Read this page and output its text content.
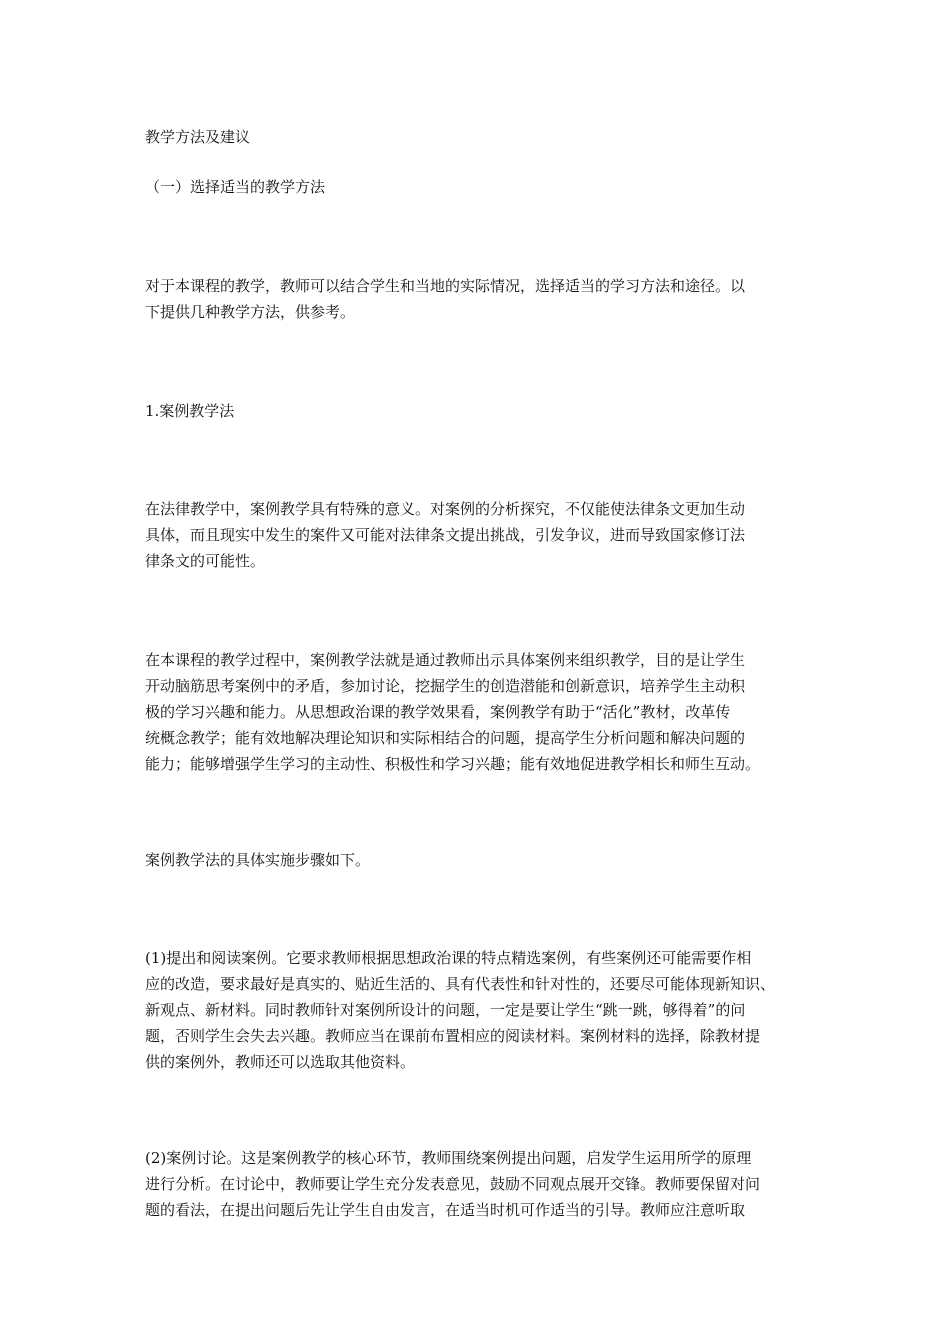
教学方法及建议

（一）选择适当的教学方法

对于本课程的教学，教师可以结合学生和当地的实际情况，选择适当的学习方法和途径。以
下提供几种教学方法，供参考。

1.案例教学法

在法律教学中，案例教学具有特殊的意义。对案例的分析探究，不仅能使法律条文更加生动
具体，而且现实中发生的案件又可能对法律条文提出挑战，引发争议，进而导致国家修订法
律条文的可能性。

在本课程的教学过程中，案例教学法就是通过教师出示具体案例来组织教学，目的是让学生
开动脑筋思考案例中的矛盾，参加讨论，挖掘学生的创造潜能和创新意识，培养学生主动积
极的学习兴趣和能力。从思想政治课的教学效果看，案例教学有助于“活化”教材，改革传
统概念教学；能有效地解决理论知识和实际相结合的问题，提高学生分析问题和解决问题的
能力；能够增强学生学习的主动性、积极性和学习兴趣；能有效地促进教学相长和师生互动。

案例教学法的具体实施步骤如下。

(1)提出和阅读案例。它要求教师根据思想政治课的特点精选案例，有些案例还可能需要作相
应的改造，要求最好是真实的、贴近生活的、具有代表性和针对性的，还要尽可能体现新知识、
新观点、新材料。同时教师针对案例所设计的问题，一定是要让学生“跳一跳，够得着”的问
题，否则学生会失去兴趣。教师应当在课前布置相应的阅读材料。案例材料的选择，除教材提
供的案例外，教师还可以选取其他资料。

(2)案例讨论。这是案例教学的核心环节，教师围绕案例提出问题，启发学生运用所学的原理
进行分析。在讨论中，教师要让学生充分发表意见，鼓励不同观点展开交锋。教师要保留对问
题的看法，在提出问题后先让学生自由发言，在适当时机可作适当的引导。教师应注意听取
